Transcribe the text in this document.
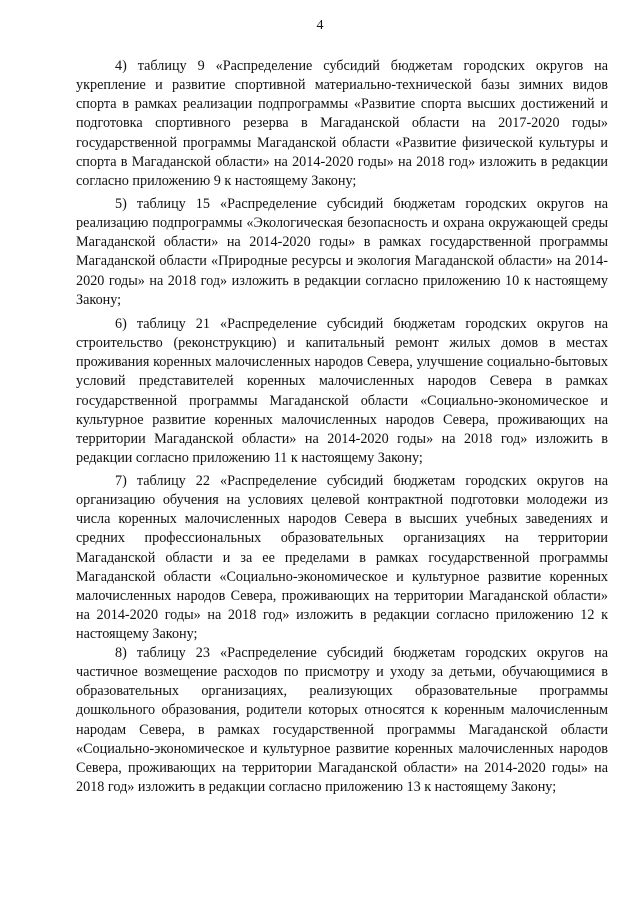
4

4) таблицу 9 «Распределение субсидий бюджетам городских округов на укрепление и развитие спортивной материально-технической базы зимних видов спорта в рамках реализации подпрограммы «Развитие спорта высших достижений и подготовка спортивного резерва в Магаданской области на 2017-2020 годы» государственной программы Магаданской области «Развитие физической культуры и спорта в Магаданской области» на 2014-2020 годы» на 2018 год» изложить в редакции согласно приложению 9 к настоящему Закону;

5) таблицу 15 «Распределение субсидий бюджетам городских округов на реализацию подпрограммы «Экологическая безопасность и охрана окружающей среды Магаданской области» на 2014-2020 годы» в рамках государственной программы Магаданской области «Природные ресурсы и экология Магаданской области» на 2014-2020 годы» на 2018 год» изложить в редакции согласно приложению 10 к настоящему Закону;

6) таблицу 21 «Распределение субсидий бюджетам городских округов на строительство (реконструкцию) и капитальный ремонт жилых домов в местах проживания коренных малочисленных народов Севера, улучшение социально-бытовых условий представителей коренных малочисленных народов Севера в рамках государственной программы Магаданской области «Социально-экономическое и культурное развитие коренных малочисленных народов Севера, проживающих на территории Магаданской области» на 2014-2020 годы» на 2018 год» изложить в редакции согласно приложению 11 к настоящему Закону;

7) таблицу 22 «Распределение субсидий бюджетам городских округов на организацию обучения на условиях целевой контрактной подготовки молодежи из числа коренных малочисленных народов Севера в высших учебных заведениях и средних профессиональных образовательных организациях на территории Магаданской области и за ее пределами в рамках государственной программы Магаданской области «Социально-экономическое и культурное развитие коренных малочисленных народов Севера, проживающих на территории Магаданской области» на 2014-2020 годы» на 2018 год» изложить в редакции согласно приложению 12 к настоящему Закону;

8) таблицу 23 «Распределение субсидий бюджетам городских округов на частичное возмещение расходов по присмотру и уходу за детьми, обучающимися в образовательных организациях, реализующих образовательные программы дошкольного образования, родители которых относятся к коренным малочисленным народам Севера, в рамках государственной программы Магаданской области «Социально-экономическое и культурное развитие коренных малочисленных народов Севера, проживающих на территории Магаданской области» на 2014-2020 годы» на 2018 год» изложить в редакции согласно приложению 13 к настоящему Закону;
